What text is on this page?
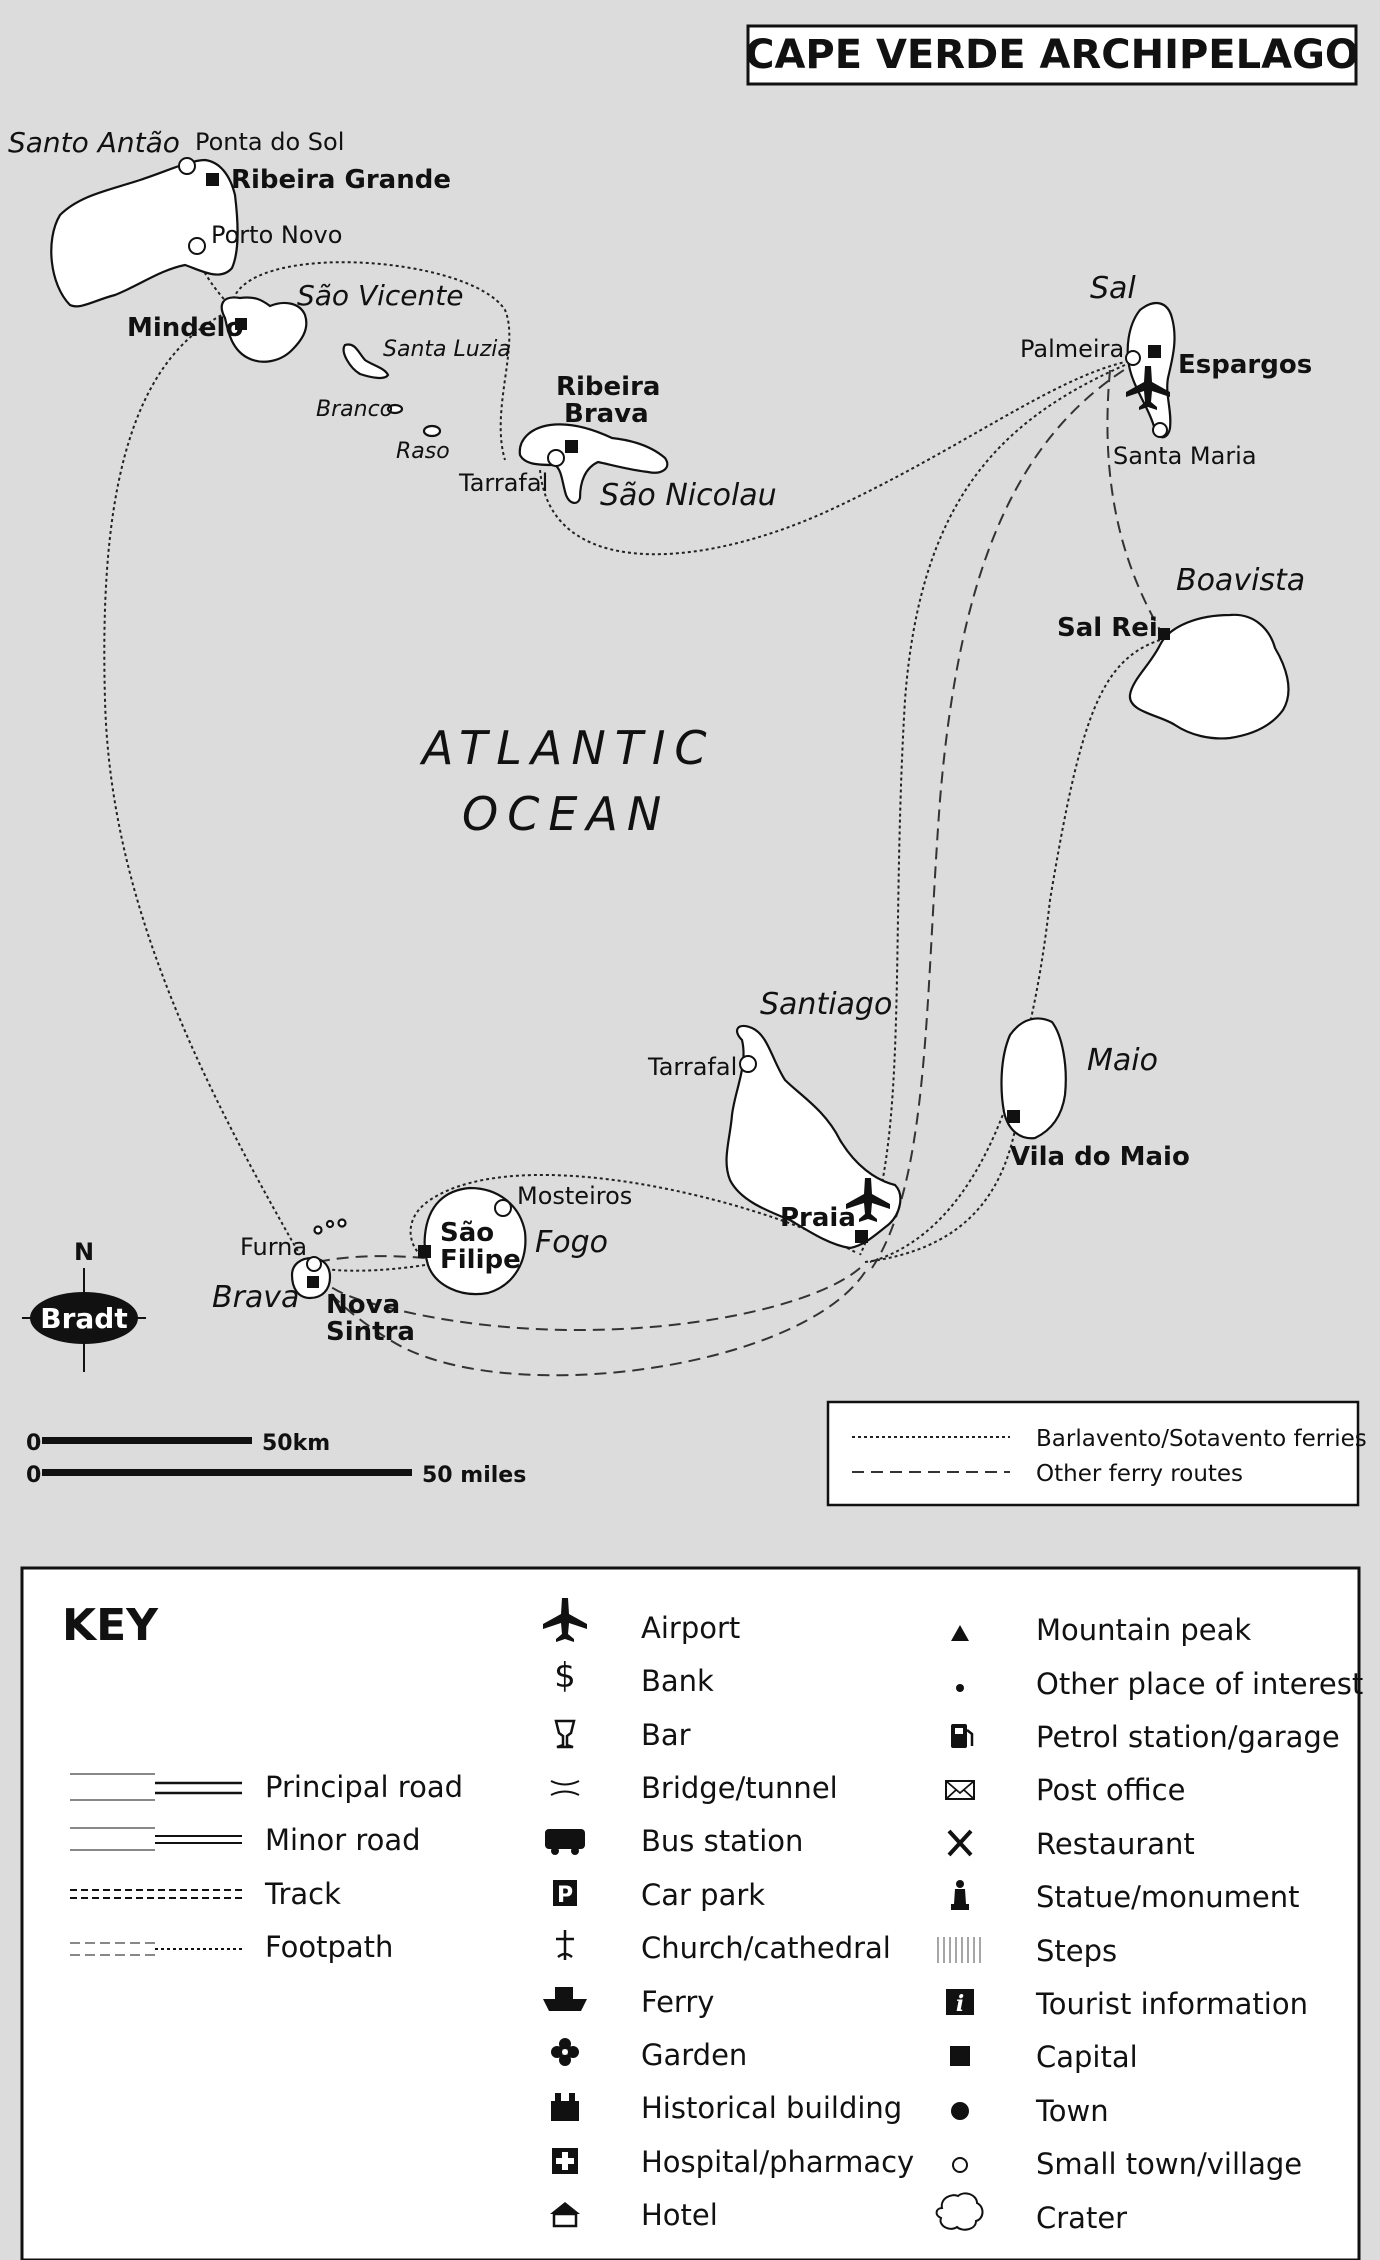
CAPE VERDE ARCHIPELAGO
Santo Antão Ponta do Sol
Ribeira Grande
Porto Novo
São Vicente
Mindelo
Santa Luzia
Branco
Raso
Ribeira
Brava
Tarrafal São Nicolau
Sal
Palmeira
Espargos
Santa Maria
Boavista
Sal Rei
ATLANTIC
OCEAN
Santiago
Tarrafal
Praia
Maio
Vila do Maio
Mosteiros
São
Filipe Fogo
Furna
Brava Nova
Sintra
N
Bradt
0	50km
0	50 miles
Barlavento/Sotavento ferries
Other ferry routes
KEY
Principal road
Minor road
Track
Footpath
$
P
Airport
Bank
Bar
Bridge/tunnel
Bus station
Car park
Church/cathedral
Ferry
Garden
Historical building
Hospital/pharmacy
Hotel
i
Mountain peak
Other place of interest
Petrol station/garage
Post office
Restaurant
Statue/monument
Steps
Tourist information
Capital
Town
Small town/village
Crater
